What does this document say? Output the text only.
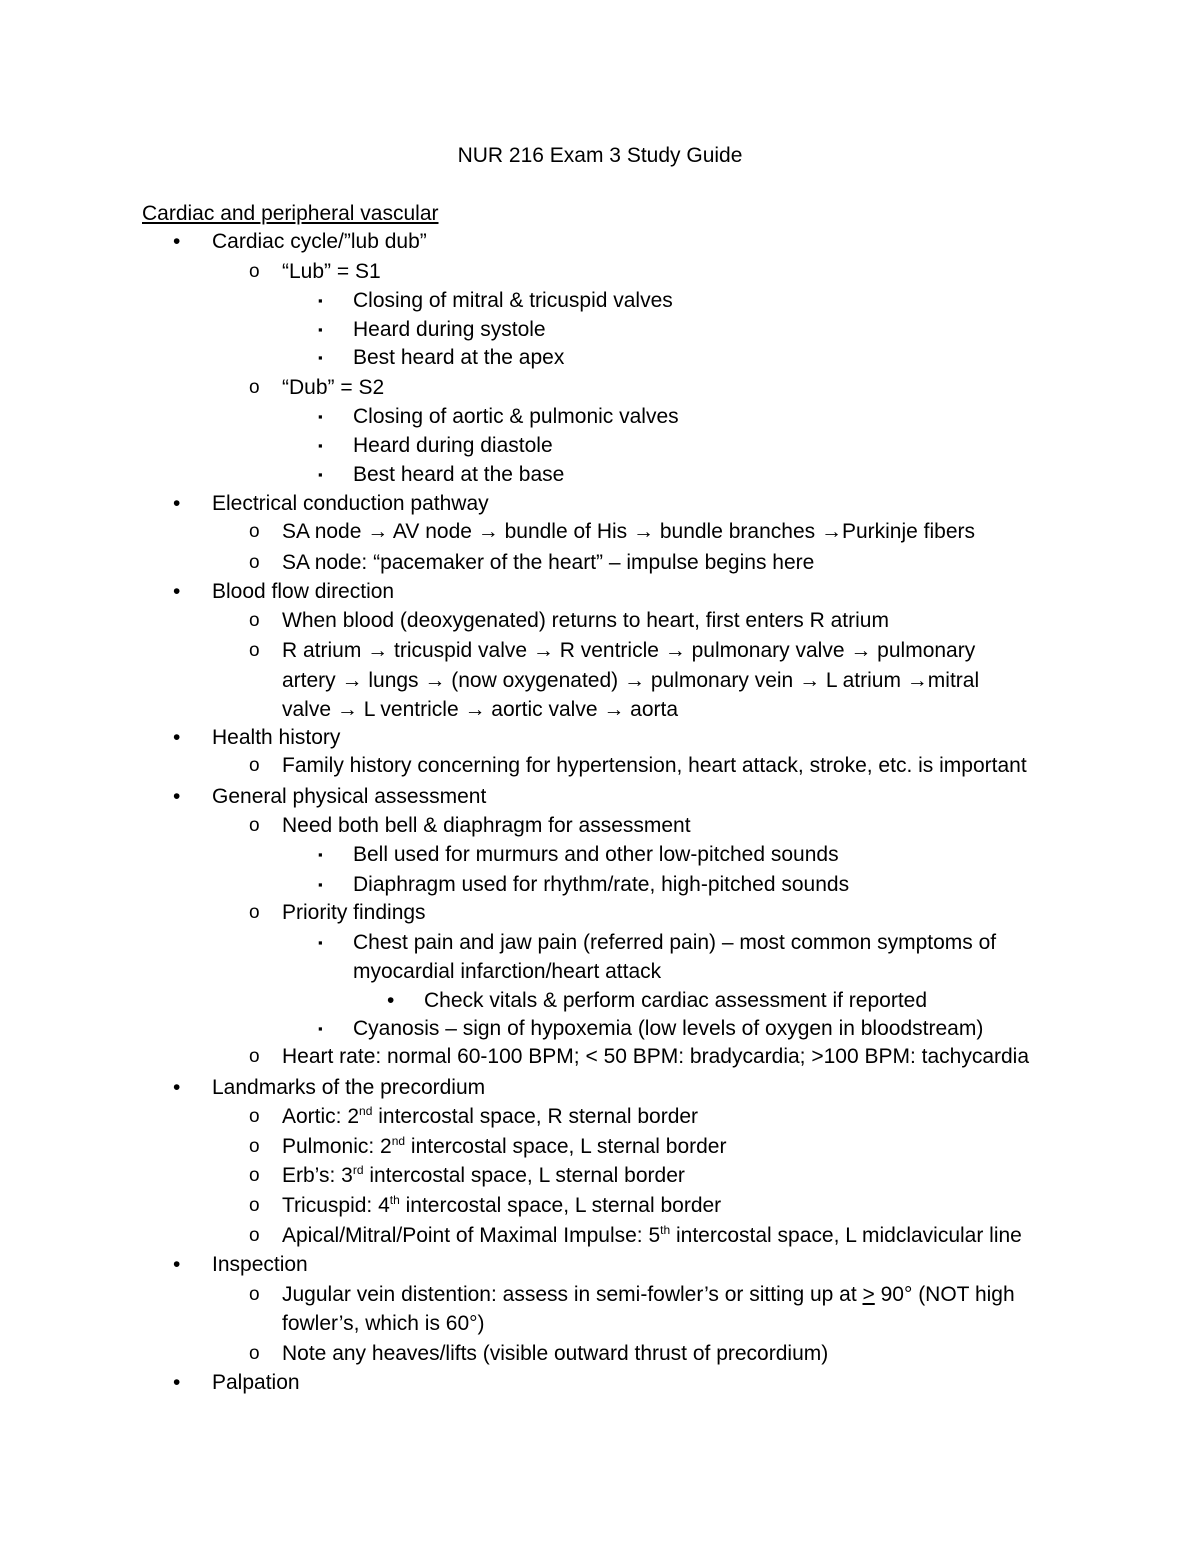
NUR 216 Exam 3 Study Guide
Cardiac and peripheral vascular
• Cardiac cycle/”lub dub”
o “Lub” = S1
▪ Closing of mitral & tricuspid valves
▪ Heard during systole
▪ Best heard at the apex
o “Dub” = S2
▪ Closing of aortic & pulmonic valves
▪ Heard during diastole
▪ Best heard at the base
• Electrical conduction pathway
o SA node → AV node → bundle of His → bundle branches →Purkinje fibers
o SA node: “pacemaker of the heart” – impulse begins here
• Blood flow direction
o When blood (deoxygenated) returns to heart, first enters R atrium
o R atrium → tricuspid valve → R ventricle → pulmonary valve → pulmonary
artery → lungs → (now oxygenated) → pulmonary vein → L atrium →mitral
valve → L ventricle → aortic valve → aorta
• Health history
o Family history concerning for hypertension, heart attack, stroke, etc. is important
• General physical assessment
o Need both bell & diaphragm for assessment
▪ Bell used for murmurs and other low-pitched sounds
▪ Diaphragm used for rhythm/rate, high-pitched sounds
o Priority findings
▪ Chest pain and jaw pain (referred pain) – most common symptoms of
myocardial infarction/heart attack
• Check vitals & perform cardiac assessment if reported
▪ Cyanosis – sign of hypoxemia (low levels of oxygen in bloodstream)
o Heart rate: normal 60-100 BPM; < 50 BPM: bradycardia; >100 BPM: tachycardia
• Landmarks of the precordium
o Aortic: 2nd intercostal space, R sternal border
o Pulmonic: 2nd intercostal space, L sternal border
o Erb’s: 3rd intercostal space, L sternal border
o Tricuspid: 4th intercostal space, L sternal border
o Apical/Mitral/Point of Maximal Impulse: 5th intercostal space, L midclavicular line
• Inspection
o Jugular vein distention: assess in semi-fowler’s or sitting up at > 90° (NOT high
fowler’s, which is 60°)
o Note any heaves/lifts (visible outward thrust of precordium)
• Palpation
